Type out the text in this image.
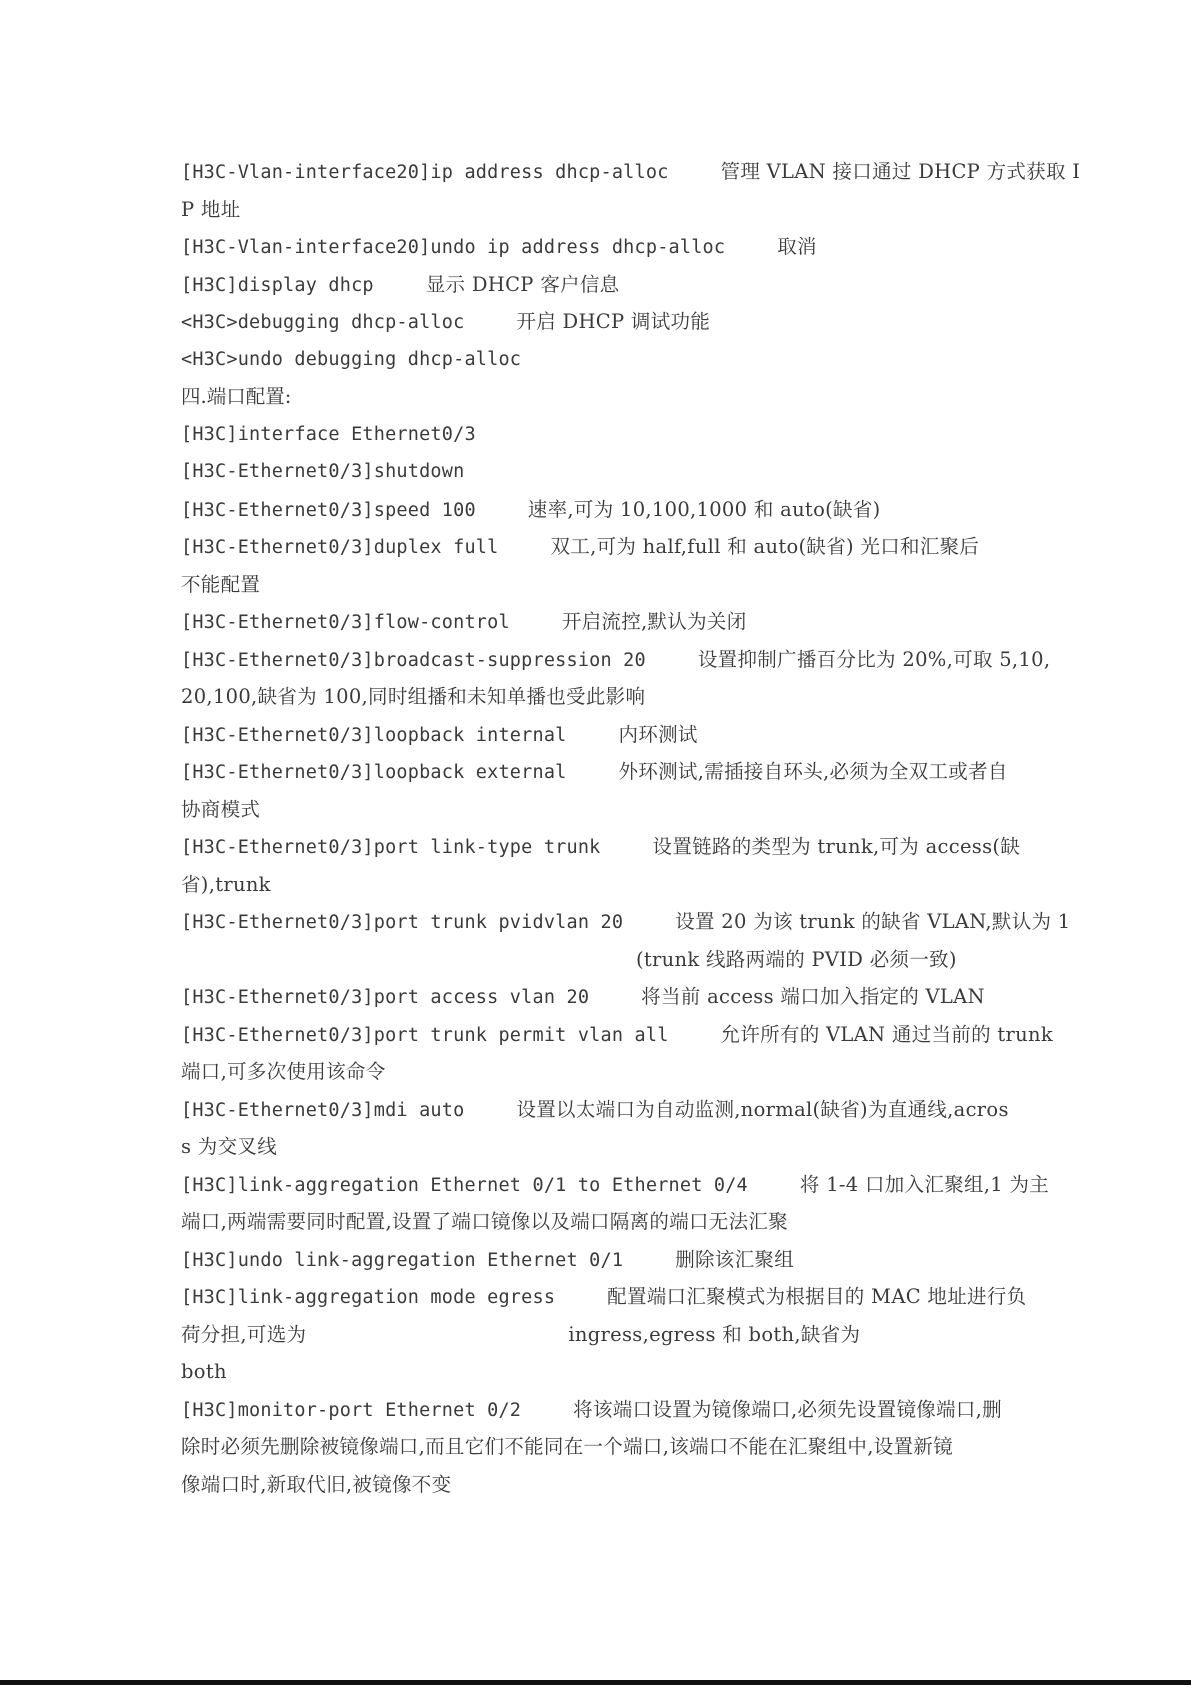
[H3C-Vlan-interface20]ip address dhcp-alloc	管理 VLAN 接口通过 DHCP 方式获取 I
P 地址
[H3C-Vlan-interface20]undo ip address dhcp-alloc	取消
[H3C]display dhcp	显示 DHCP 客户信息
<H3C>debugging dhcp-alloc	开启 DHCP 调试功能
<H3C>undo debugging dhcp-alloc
四.端口配置:
[H3C]interface Ethernet0/3
[H3C-Ethernet0/3]shutdown
[H3C-Ethernet0/3]speed 100	速率,可为 10,100,1000 和 auto(缺省)
[H3C-Ethernet0/3]duplex full	双工,可为 half,full 和 auto(缺省) 光口和汇聚后
不能配置
[H3C-Ethernet0/3]flow-control	开启流控,默认为关闭
[H3C-Ethernet0/3]broadcast-suppression 20	设置抑制广播百分比为 20%,可取 5,10,
20,100,缺省为 100,同时组播和未知单播也受此影响
[H3C-Ethernet0/3]loopback internal	内环测试
[H3C-Ethernet0/3]loopback external	外环测试,需插接自环头,必须为全双工或者自
协商模式
[H3C-Ethernet0/3]port link-type trunk	设置链路的类型为 trunk,可为 access(缺
省),trunk
[H3C-Ethernet0/3]port trunk pvidvlan 20	设置 20 为该 trunk 的缺省 VLAN,默认为 1
(trunk 线路两端的 PVID 必须一致)
[H3C-Ethernet0/3]port access vlan 20	将当前 access 端口加入指定的 VLAN
[H3C-Ethernet0/3]port trunk permit vlan all	允许所有的 VLAN 通过当前的 trunk
端口,可多次使用该命令
[H3C-Ethernet0/3]mdi auto	设置以太端口为自动监测,normal(缺省)为直通线,acros
s 为交叉线
[H3C]link-aggregation Ethernet 0/1 to Ethernet 0/4	将 1-4 口加入汇聚组,1 为主
端口,两端需要同时配置,设置了端口镜像以及端口隔离的端口无法汇聚
[H3C]undo link-aggregation Ethernet 0/1	删除该汇聚组
[H3C]link-aggregation mode egress	配置端口汇聚模式为根据目的 MAC 地址进行负
荷分担,可选为	ingress,egress 和 both,缺省为
both
[H3C]monitor-port Ethernet 0/2	将该端口设置为镜像端口,必须先设置镜像端口,删
除时必须先删除被镜像端口,而且它们不能同在一个端口,该端口不能在汇聚组中,设置新镜
像端口时,新取代旧,被镜像不变
